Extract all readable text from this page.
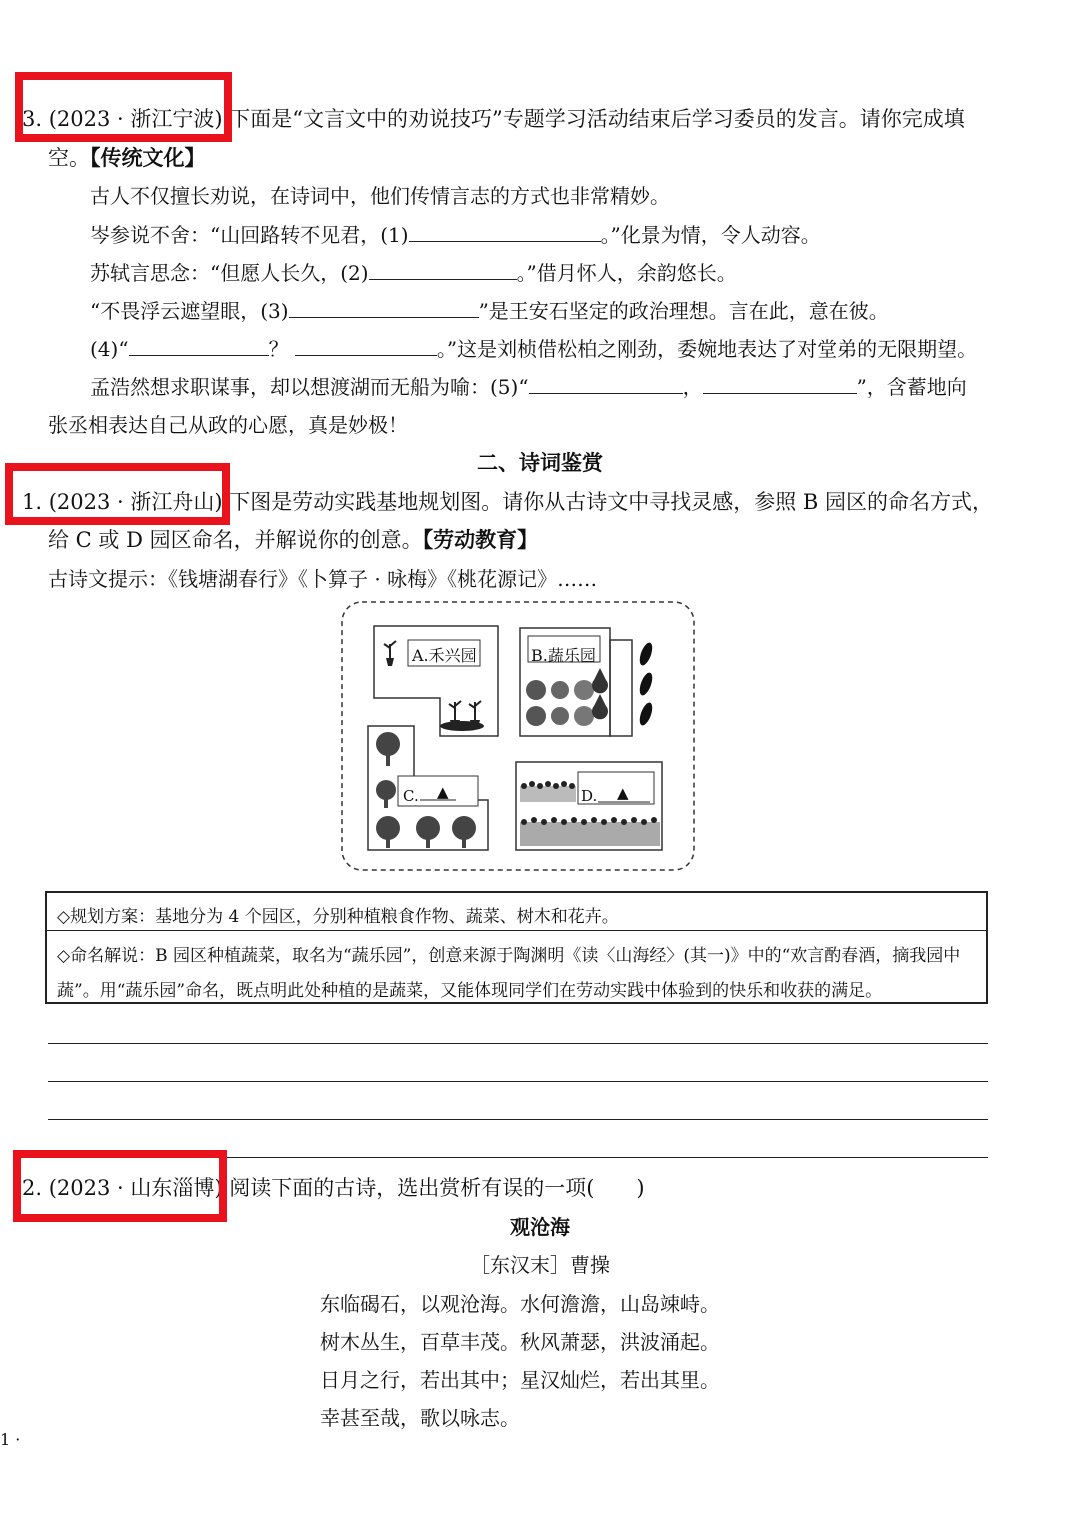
3. (2023 · 浙江宁波) 下面是“文言文中的劝说技巧”专题学习活动结束后学习委员的发言。请你完成填
空。【传统文化】
古人不仅擅长劝说，在诗词中，他们传情言志的方式也非常精妙。
岑参说不舍：“山回路转不见君，(1)	。”化景为情，令人动容。
苏轼言思念：“但愿人长久，(2)	。”借月怀人，余韵悠长。
“不畏浮云遮望眼，(3)	”是王安石坚定的政治理想。言在此，意在彼。
(4)“	？	。”这是刘桢借松柏之刚劲，委婉地表达了对堂弟的无限期望。
孟浩然想求职谋事，却以想渡湖而无船为喻：(5)“	，	”，含蓄地向
张丞相表达自己从政的心愿，真是妙极！
二、诗词鉴赏
1. (2023 · 浙江舟山) 下图是劳动实践基地规划图。请你从古诗文中寻找灵感，参照 B 园区的命名方式，
给 C 或 D 园区命名，并解说你的创意。【劳动教育】
古诗文提示：《钱塘湖春行》《卜算子 · 咏梅》《桃花源记》……
A.禾兴园	B.蔬乐园
C. ▲	D. ▲
◇规划方案：基地分为 4 个园区，分别种植粮食作物、蔬菜、树木和花卉。
◇命名解说：B 园区种植蔬菜，取名为“蔬乐园”，创意来源于陶渊明《读〈山海经〉(其一)》中的“欢言酌春酒，摘我园中蔬”。用“蔬乐园”命名，既点明此处种植的是蔬菜，又能体现同学们在劳动实践中体验到的快乐和收获的满足。
2. (2023 · 山东淄博) 阅读下面的古诗，选出赏析有误的一项(　　)
观沧海
［东汉末］曹操
东临碣石，以观沧海。水何澹澹，山岛竦峙。
树木丛生，百草丰茂。秋风萧瑟，洪波涌起。
日月之行，若出其中；星汉灿烂，若出其里。
幸甚至哉，歌以咏志。
1 ·
